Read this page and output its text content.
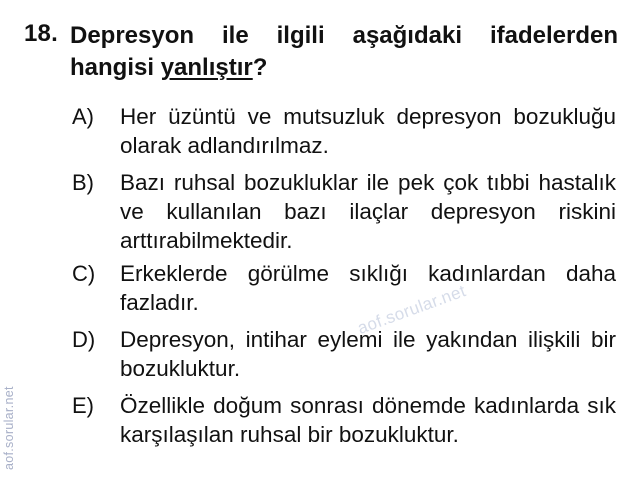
18. Depresyon ile ilgili aşağıdaki ifadelerden hangisi yanlıştır?
A) Her üzüntü ve mutsuzluk depresyon bozukluğu olarak adlandırılmaz.
B) Bazı ruhsal bozukluklar ile pek çok tıbbi hastalık ve kullanılan bazı ilaçlar depresyon riskini arttırabilmektedir.
C) Erkeklerde görülme sıklığı kadınlardan daha fazladır.
D) Depresyon, intihar eylemi ile yakından ilişkili bir bozukluktur.
E) Özellikle doğum sonrası dönemde kadınlarda sık karşılaşılan ruhsal bir bozukluktur.
aof.sorular.net
aof.sorular.net
